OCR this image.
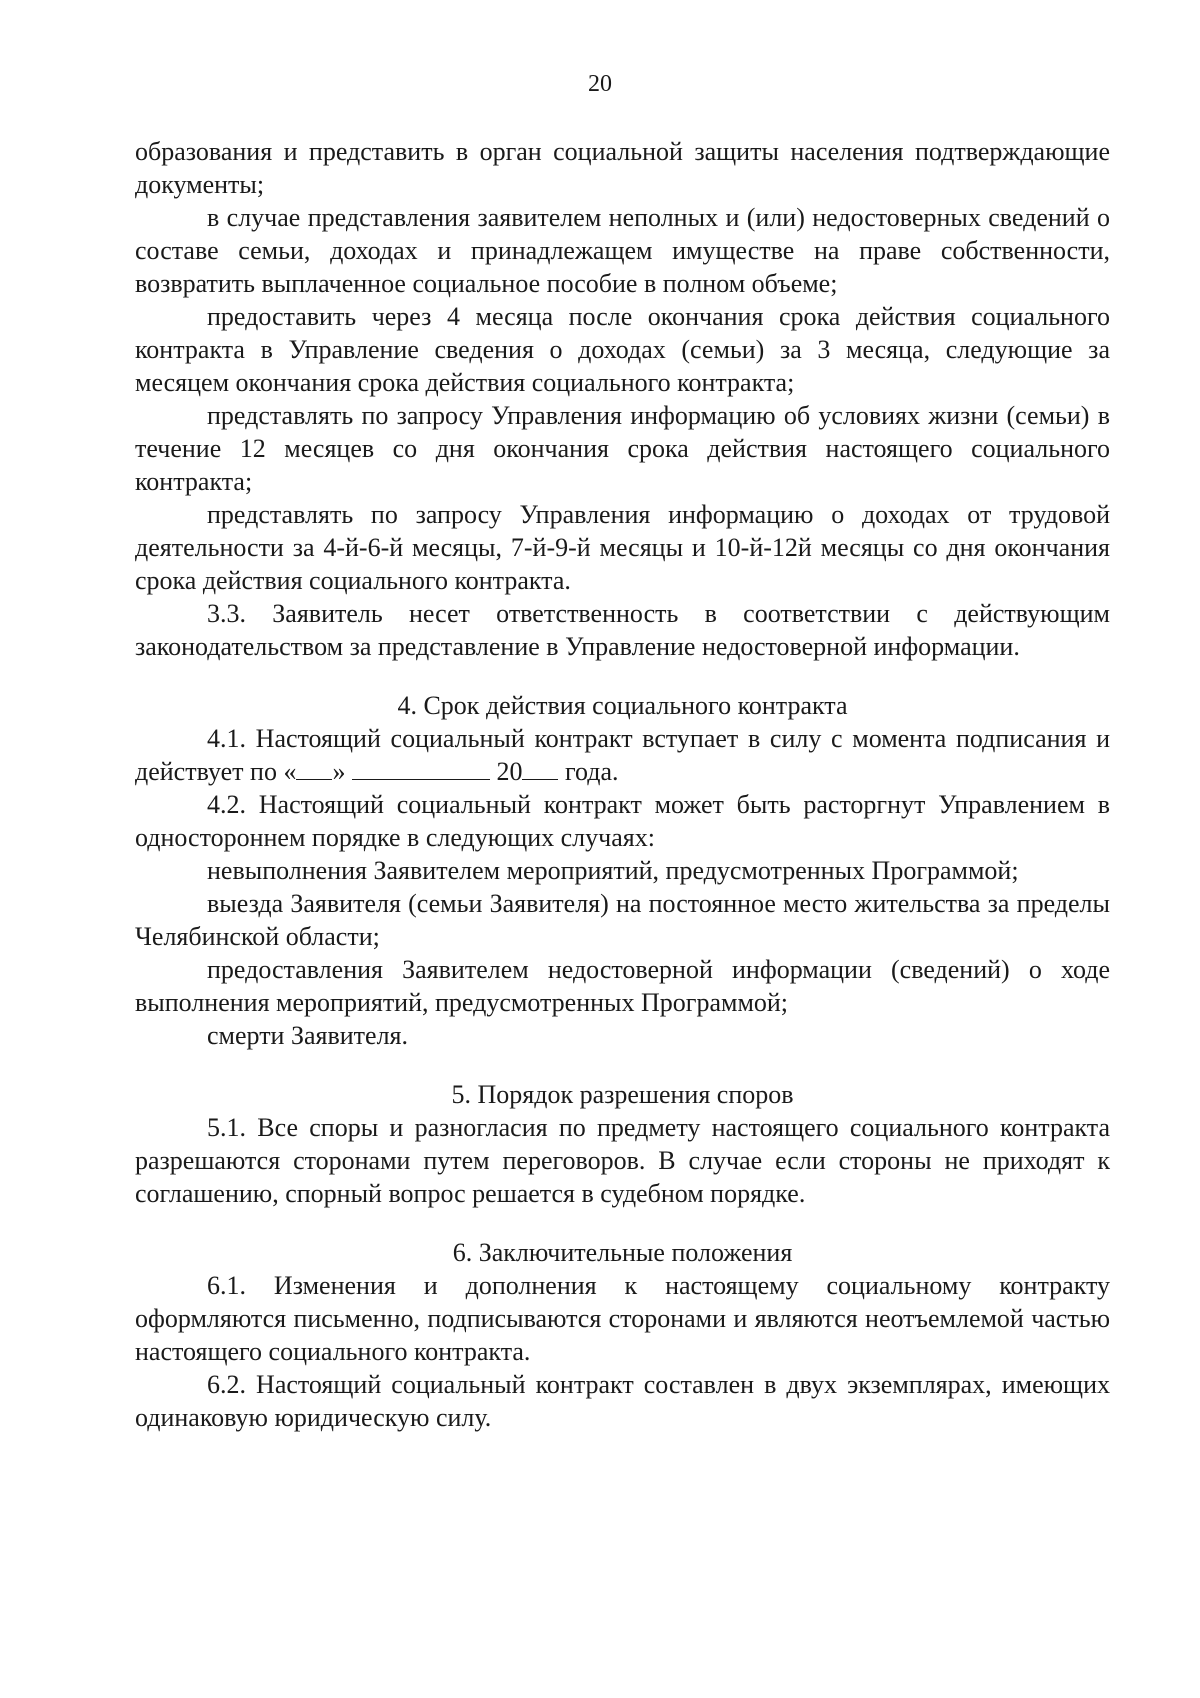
20

образования и представить в орган социальной защиты населения подтверждающие документы;

в случае представления заявителем неполных и (или) недостоверных сведений о составе семьи, доходах и принадлежащем имуществе на праве собственности, возвратить выплаченное социальное пособие в полном объеме;

предоставить через 4 месяца после окончания срока действия социального контракта в Управление сведения о доходах (семьи) за 3 месяца, следующие за месяцем окончания срока действия социального контракта;

представлять по запросу Управления информацию об условиях жизни (семьи) в течение 12 месяцев со дня окончания срока действия настоящего социального контракта;

представлять по запросу Управления информацию о доходах от трудовой деятельности за 4-й-6-й месяцы, 7-й-9-й месяцы и 10-й-12й месяцы со дня окончания срока действия социального контракта.

3.3. Заявитель несет ответственность в соответствии с действующим законодательством за представление в Управление недостоверной информации.

4. Срок действия социального контракта

4.1. Настоящий социальный контракт вступает в силу с момента подписания и действует по « »	20 года.

4.2. Настоящий социальный контракт может быть расторгнут Управлением в одностороннем порядке в следующих случаях:

невыполнения Заявителем мероприятий, предусмотренных Программой;

выезда Заявителя (семьи Заявителя) на постоянное место жительства за пределы Челябинской области;

предоставления Заявителем недостоверной информации (сведений) о ходе выполнения мероприятий, предусмотренных Программой;

смерти Заявителя.

5. Порядок разрешения споров

5.1. Все споры и разногласия по предмету настоящего социального контракта разрешаются сторонами путем переговоров. В случае если стороны не приходят к соглашению, спорный вопрос решается в судебном порядке.

6. Заключительные положения

6.1. Изменения и дополнения к настоящему социальному контракту оформляются письменно, подписываются сторонами и являются неотъемлемой частью настоящего социального контракта.

6.2. Настоящий социальный контракт составлен в двух экземплярах, имеющих одинаковую юридическую силу.
